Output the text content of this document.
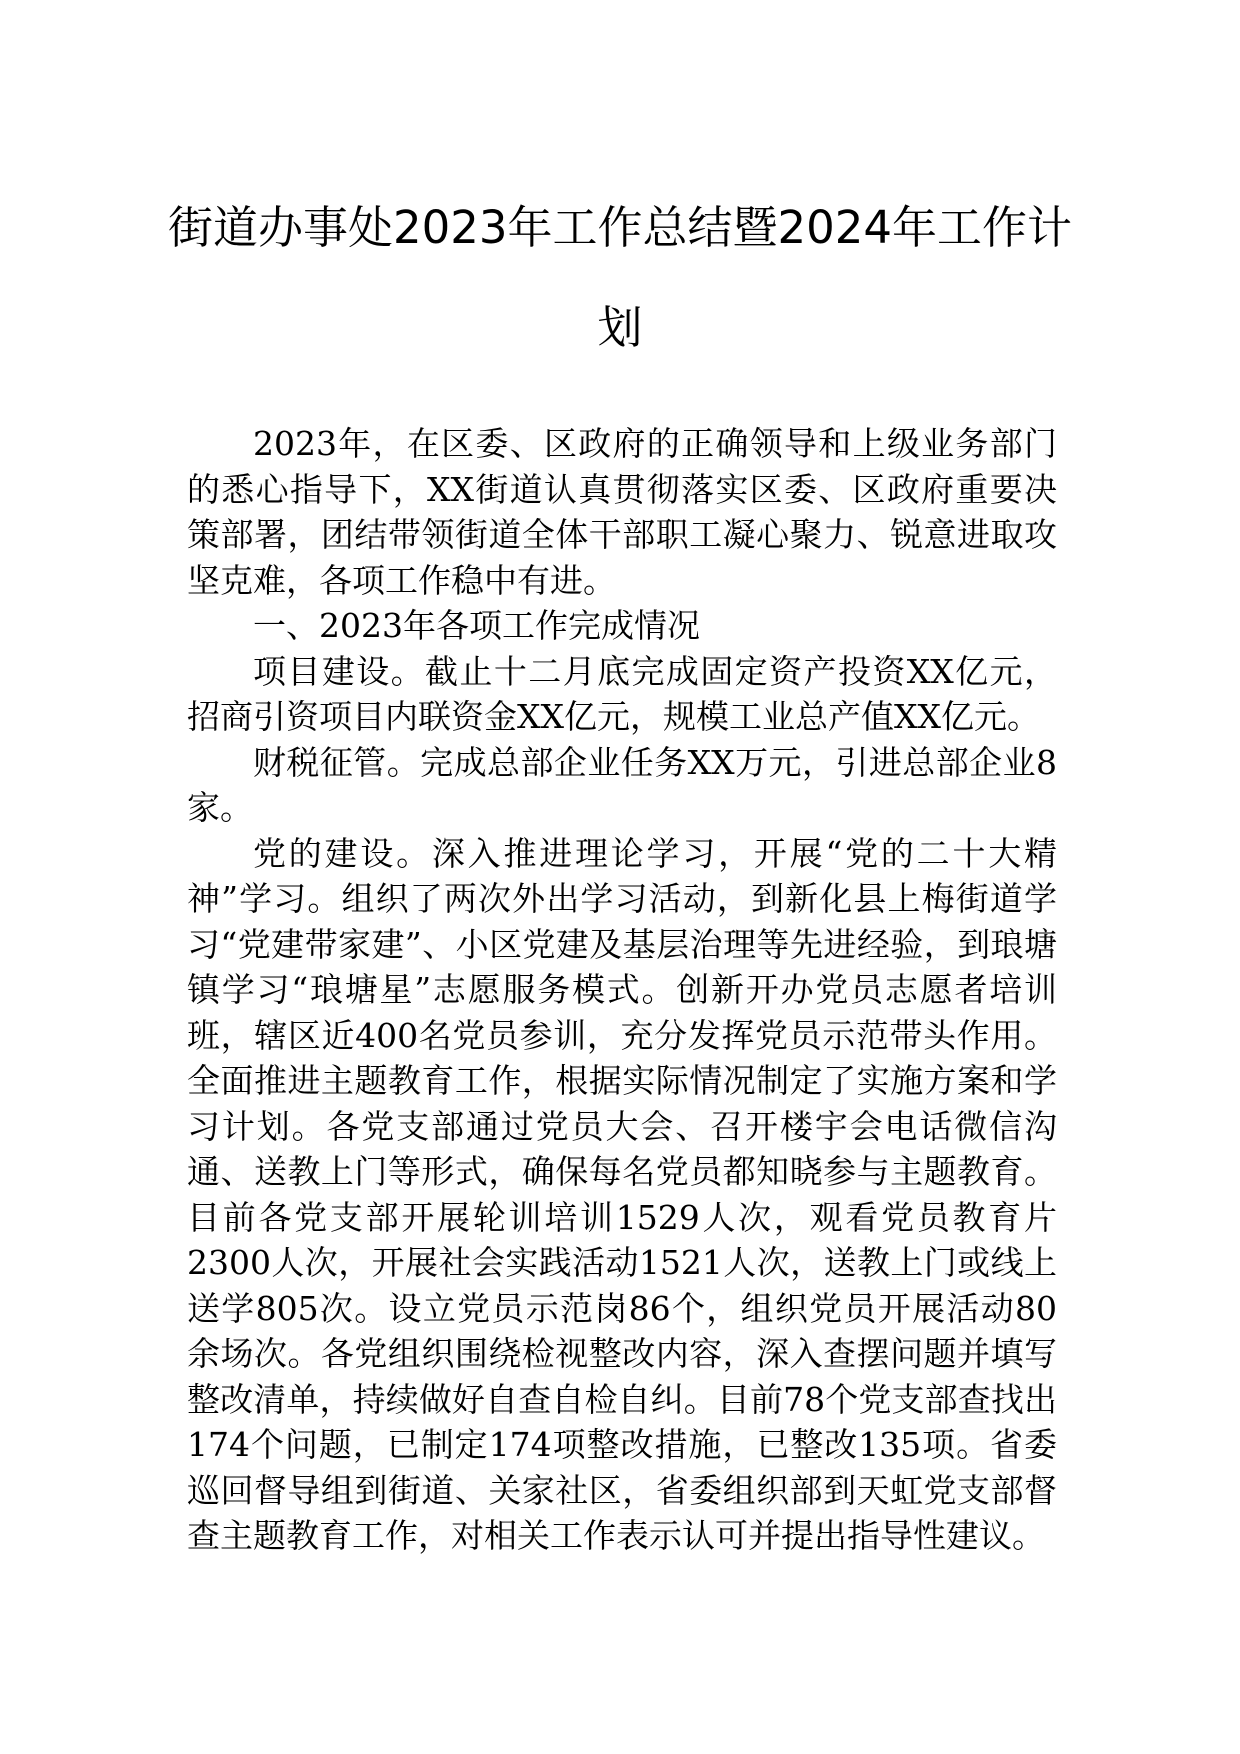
街道办事处2023年工作总结暨2024年工作计划

2023年，在区委、区政府的正确领导和上级业务部门的悉心指导下，XX街道认真贯彻落实区委、区政府重要决策部署，团结带领街道全体干部职工凝心聚力、锐意进取攻坚克难，各项工作稳中有进。

一、2023年各项工作完成情况

项目建设。截止十二月底完成固定资产投资XX亿元，招商引资项目内联资金XX亿元，规模工业总产值XX亿元。

财税征管。完成总部企业任务XX万元，引进总部企业8家。

党的建设。深入推进理论学习，开展“党的二十大精神”学习。组织了两次外出学习活动，到新化县上梅街道学习“党建带家建”、小区党建及基层治理等先进经验，到琅塘镇学习“琅塘星”志愿服务模式。创新开办党员志愿者培训班，辖区近400名党员参训，充分发挥党员示范带头作用。全面推进主题教育工作，根据实际情况制定了实施方案和学习计划。各党支部通过党员大会、召开楼宇会电话微信沟通、送教上门等形式，确保每名党员都知晓参与主题教育。目前各党支部开展轮训培训1529人次，观看党员教育片2300人次，开展社会实践活动1521人次，送教上门或线上送学805次。设立党员示范岗86个，组织党员开展活动80余场次。各党组织围绕检视整改内容，深入查摆问题并填写整改清单，持续做好自查自检自纠。目前78个党支部查找出174个问题，已制定174项整改措施，已整改135项。省委巡回督导组到街道、关家社区，省委组织部到天虹党支部督查主题教育工作，对相关工作表示认可并提出指导性建议。
